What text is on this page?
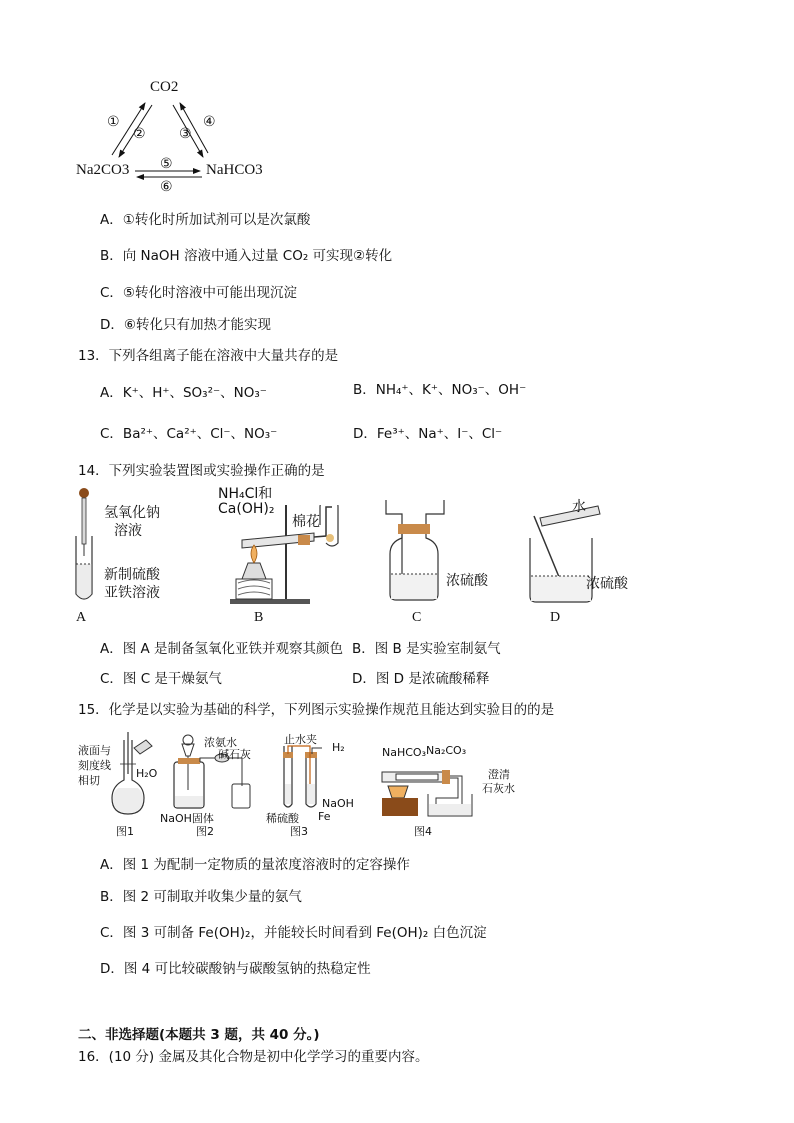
CO2
Na2CO3	NaHCO3
①
② ③
④
⑤
⑥
A．①转化时所加试剂可以是次氯酸
B．向 NaOH 溶液中通入过量 CO₂ 可实现②转化
C．⑤转化时溶液中可能出现沉淀
D．⑥转化只有加热才能实现
13．下列各组离子能在溶液中大量共存的是
A．K⁺、H⁺、SO₃²⁻、NO₃⁻	B．NH₄⁺、K⁺、NO₃⁻、OH⁻
C．Ba²⁺、Ca²⁺、Cl⁻、NO₃⁻	D．Fe³⁺、Na⁺、I⁻、Cl⁻
14．下列实验装置图或实验操作正确的是
氢氧化钠
溶液
新制硫酸
亚铁溶液
A
NH₄Cl和
Ca(OH)₂
棉花
B
浓硫酸
C
水
浓硫酸
D
A．图 A 是制备氢氧化亚铁并观察其颜色 B．图 B 是实验室制氨气
C．图 C 是干燥氨气	D．图 D 是浓硫酸稀释
15．化学是以实验为基础的科学，下列图示实验操作规范且能达到实验目的的是
液面与
刻度线
相切
H₂O
图1
浓氨水
碱石灰
NaOH固体
图2
止水夹
H₂
NaOH
稀硫酸 Fe
图3
NaHCO₃ Na₂CO₃
澄清
石灰水
图4
A．图 1 为配制一定物质的量浓度溶液时的定容操作
B．图 2 可制取并收集少量的氨气
C．图 3 可制备 Fe(OH)₂，并能较长时间看到 Fe(OH)₂ 白色沉淀
D．图 4 可比较碳酸钠与碳酸氢钠的热稳定性
二、非选择题(本题共 3 题，共 40 分。)
16．(10 分) 金属及其化合物是初中化学学习的重要内容。
